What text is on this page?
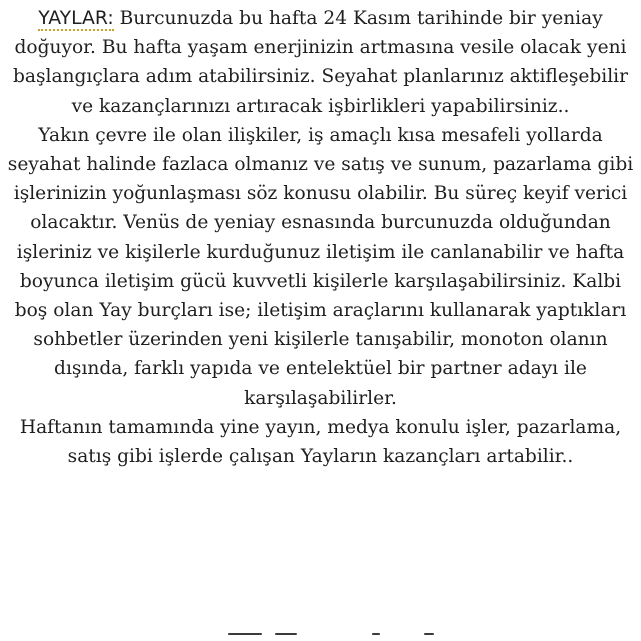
YAYLAR: Burcunuzda bu hafta 24 Kasım tarihinde bir yeniay doğuyor. Bu hafta yaşam enerjinizin artmasına vesile olacak yeni başlangıçlara adım atabilirsiniz. Seyahat planlarınız aktifleşebilir ve kazançlarınızı artıracak işbirlikleri yapabilirsiniz..

Yakın çevre ile olan ilişkiler, iş amaçlı kısa mesafeli yollarda seyahat halinde fazlaca olmanız ve satış ve sunum, pazarlama gibi işlerinizin yoğunlaşması söz konusu olabilir. Bu süreç keyif verici olacaktır. Venüs de yeniay esnasında burcunuzda olduğundan işleriniz ve kişilerle kurduğunuz iletişim ile canlanabilir ve hafta boyunca iletişim gücü kuvvetli kişilerle karşılaşabilirsiniz. Kalbi boş olan Yay burçları ise; iletişim araçlarını kullanarak yaptıkları sohbetler üzerinden yeni kişilerle tanışabilir, monoton olanın dışında, farklı yapıda ve entelektüel bir partner adayı ile karşılaşabilirler.

Haftanın tamamında yine yayın, medya konulu işler, pazarlama, satış gibi işlerde çalışan Yayların kazançları artabilir..
